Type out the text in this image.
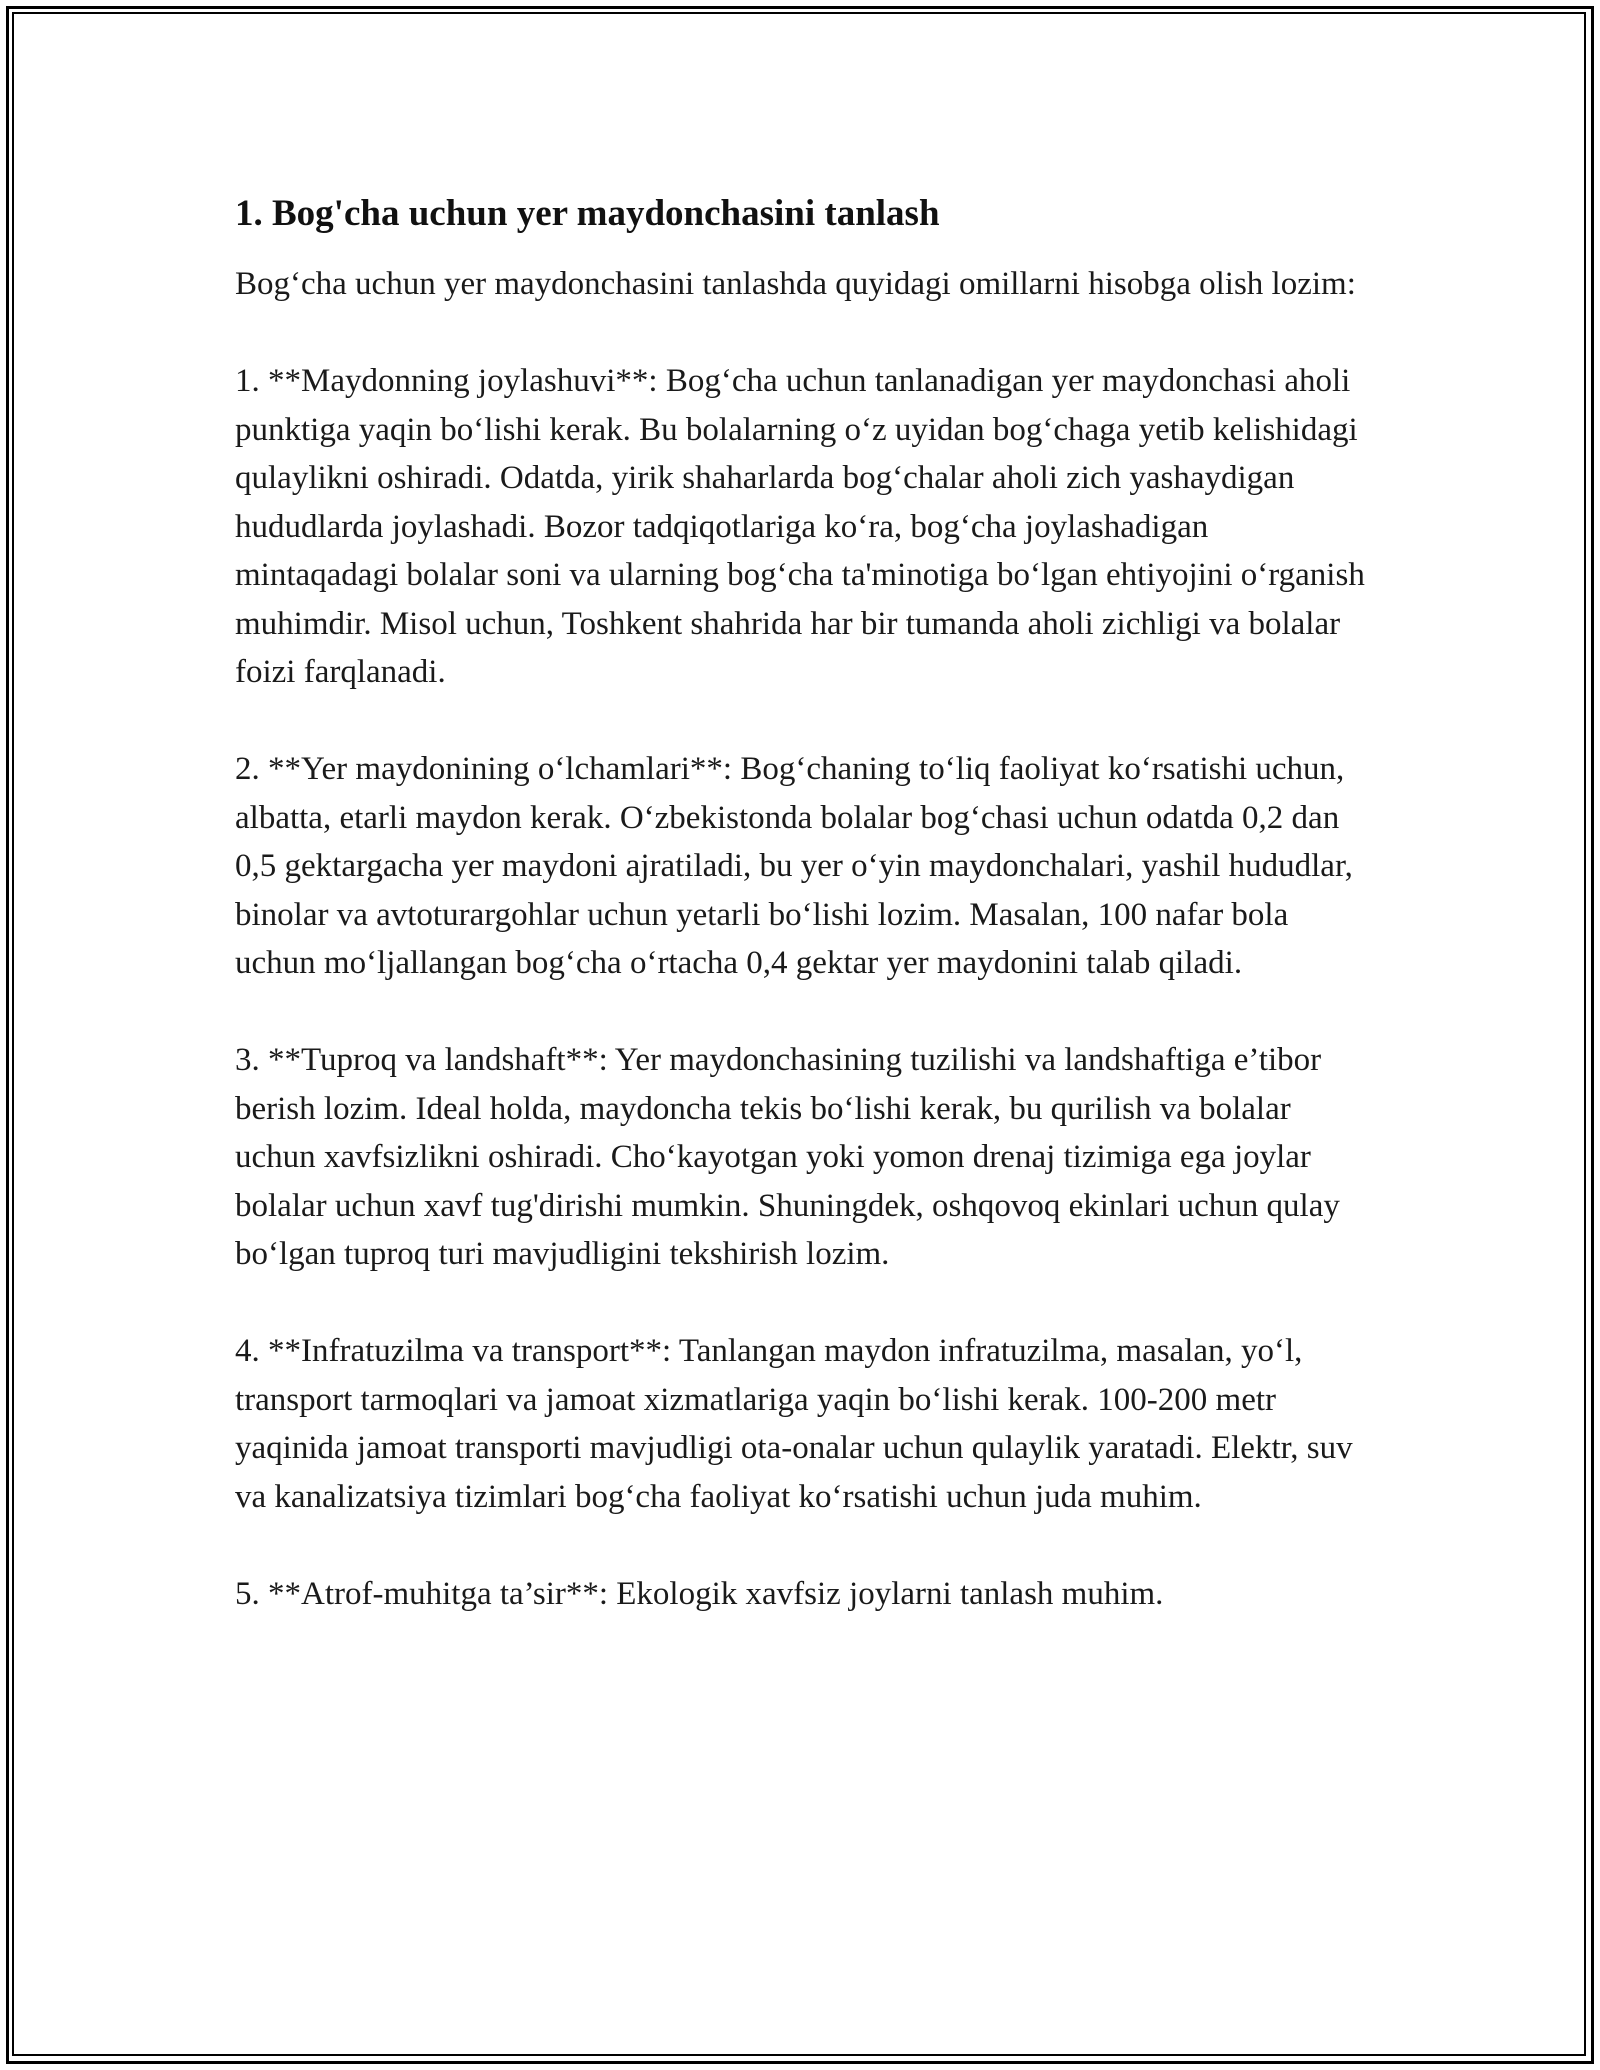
1. Bog'cha uchun yer maydonchasini tanlash

Bog‘cha uchun yer maydonchasini tanlashda quyidagi omillarni hisobga olish lozim:

1. **Maydonning joylashuvi**: Bog‘cha uchun tanlanadigan yer maydonchasi aholi punktiga yaqin bo‘lishi kerak. Bu bolalarning o‘z uyidan bog‘chaga yetib kelishidagi qulaylikni oshiradi. Odatda, yirik shaharlarda bog‘chalar aholi zich yashaydigan hududlarda joylashadi. Bozor tadqiqotlariga ko‘ra, bog‘cha joylashadigan mintaqadagi bolalar soni va ularning bog‘cha ta'minotiga bo‘lgan ehtiyojini o‘rganish muhimdir. Misol uchun, Toshkent shahrida har bir tumanda aholi zichligi va bolalar foizi farqlanadi.

2. **Yer maydonining o‘lchamlari**: Bog‘chaning to‘liq faoliyat ko‘rsatishi uchun, albatta, etarli maydon kerak. O‘zbekistonda bolalar bog‘chasi uchun odatda 0,2 dan 0,5 gektargacha yer maydoni ajratiladi, bu yer o‘yin maydonchalari, yashil hududlar, binolar va avtoturargohlar uchun yetarli bo‘lishi lozim. Masalan, 100 nafar bola uchun mo‘ljallangan bog‘cha o‘rtacha 0,4 gektar yer maydonini talab qiladi.

3. **Tuproq va landshaft**: Yer maydonchasining tuzilishi va landshaftiga e’tibor berish lozim. Ideal holda, maydoncha tekis bo‘lishi kerak, bu qurilish va bolalar uchun xavfsizlikni oshiradi. Cho‘kayotgan yoki yomon drenaj tizimiga ega joylar bolalar uchun xavf tug'dirishi mumkin. Shuningdek, oshqovoq ekinlari uchun qulay bo‘lgan tuproq turi mavjudligini tekshirish lozim.

4. **Infratuzilma va transport**: Tanlangan maydon infratuzilma, masalan, yo‘l, transport tarmoqlari va jamoat xizmatlariga yaqin bo‘lishi kerak. 100-200 metr yaqinida jamoat transporti mavjudligi ota-onalar uchun qulaylik yaratadi. Elektr, suv va kanalizatsiya tizimlari bog‘cha faoliyat ko‘rsatishi uchun juda muhim.

5. **Atrof-muhitga ta’sir**: Ekologik xavfsiz joylarni tanlash muhim.
